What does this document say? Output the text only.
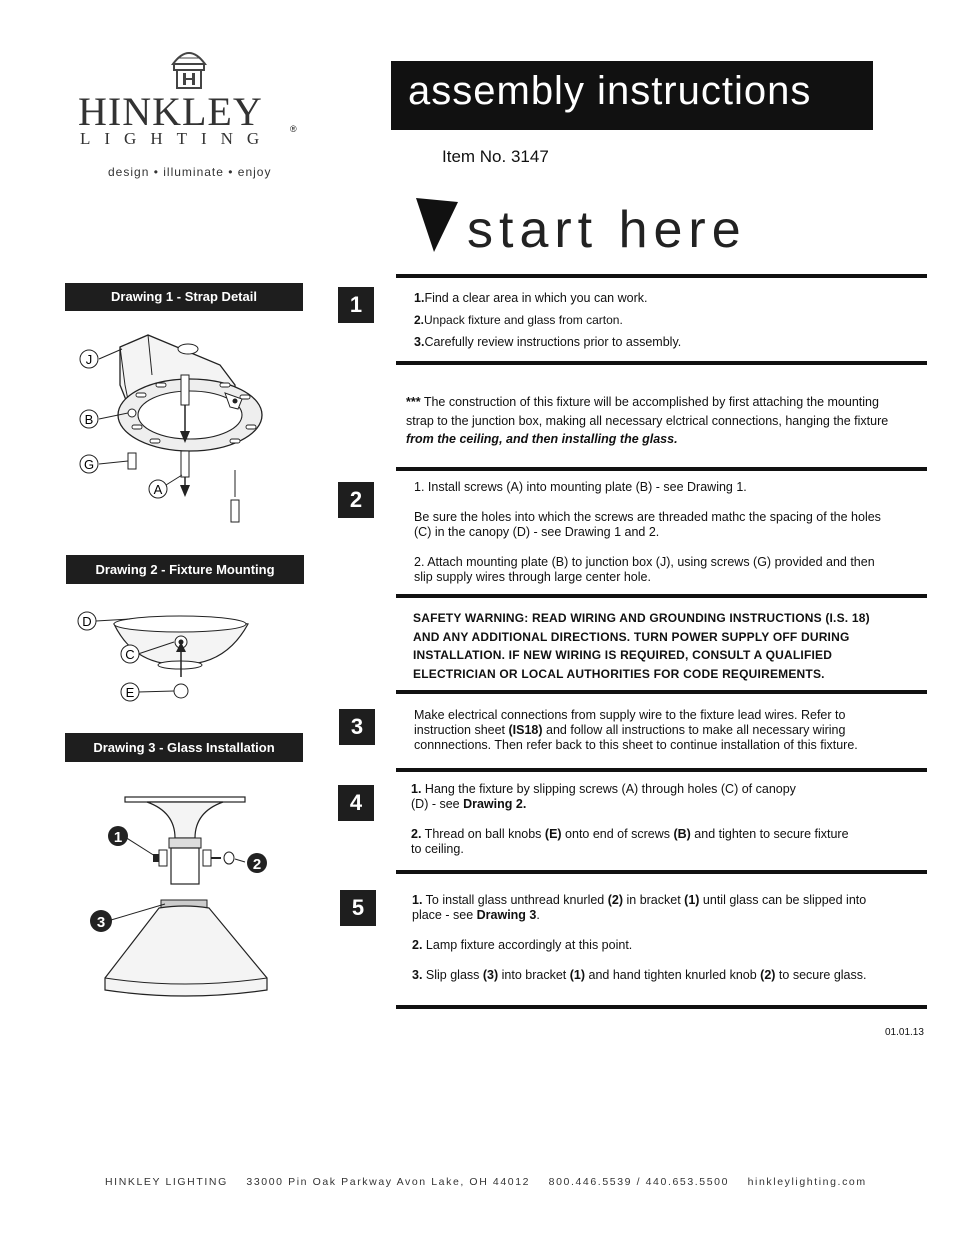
HINKLEY	®
LIGHTING
design • illuminate • enjoy
assembly instructions
Item No. 3147
start here
Drawing 1 - Strap Detail
J
B
G
A
Drawing 2 - Fixture Mounting
D
C
E
Drawing 3 - Glass Installation
1
2
3
1	1.Find a clear area in which you can work.
2.Unpack fixture and glass from carton.
3.Carefully review instructions prior to assembly.
*** The construction of this fixture will be accomplished by first attaching the mounting
strap to the junction box, making all necessary elctrical connections, hanging the fixture
from the ceiling, and then installing the glass.
2	1. Install screws (A) into mounting plate (B) - see Drawing 1.
Be sure the holes into which the screws are threaded mathc the spacing of the holes
(C) in the canopy (D) - see Drawing 1 and 2.
2. Attach mounting plate (B) to junction box (J), using screws (G) provided and then
slip supply wires through large center hole.
SAFETY WARNING: READ WIRING AND GROUNDING INSTRUCTIONS (I.S. 18)
AND ANY ADDITIONAL DIRECTIONS. TURN POWER SUPPLY OFF DURING
INSTALLATION. IF NEW WIRING IS REQUIRED, CONSULT A QUALIFIED
ELECTRICIAN OR LOCAL AUTHORITIES FOR CODE REQUIREMENTS.
3	Make electrical connections from supply wire to the fixture lead wires. Refer to
instruction sheet (IS18) and follow all instructions to make all necessary wiring
connnections. Then refer back to this sheet to continue installation of this fixture.
4
1. Hang the fixture by slipping screws (A) through holes (C) of canopy
(D) - see Drawing 2.
2. Thread on ball knobs (E) onto end of screws (B) and tighten to secure fixture
to ceiling.
5	1. To install glass unthread knurled (2) in bracket (1) until glass can be slipped into
place - see Drawing 3.
2. Lamp fixture accordingly at this point.
3. Slip glass (3) into bracket (1) and hand tighten knurled knob (2) to secure glass.
01.01.13
HINKLEY LIGHTING 33000 Pin Oak Parkway Avon Lake, OH 44012 800.446.5539 / 440.653.5500 hinkleylighting.com
